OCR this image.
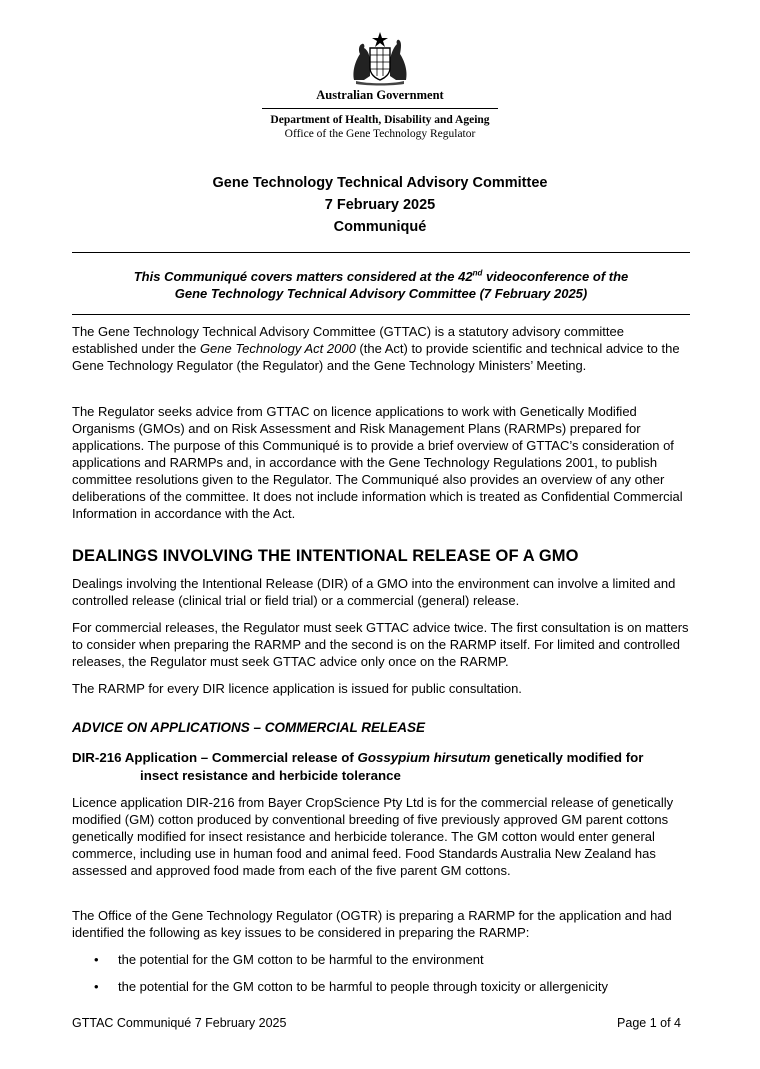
Australian Government
Department of Health, Disability and Ageing
Office of the Gene Technology Regulator
Gene Technology Technical Advisory Committee
7 February 2025
Communiqué
This Communiqué covers matters considered at the 42nd videoconference of the
Gene Technology Technical Advisory Committee (7 February 2025)

The Gene Technology Technical Advisory Committee (GTTAC) is a statutory advisory committee established under the Gene Technology Act 2000 (the Act) to provide scientific and technical advice to the Gene Technology Regulator (the Regulator) and the Gene Technology Ministers’ Meeting.

The Regulator seeks advice from GTTAC on licence applications to work with Genetically Modified Organisms (GMOs) and on Risk Assessment and Risk Management Plans (RARMPs) prepared for applications. The purpose of this Communiqué is to provide a brief overview of GTTAC’s consideration of applications and RARMPs and, in accordance with the Gene Technology Regulations 2001, to publish committee resolutions given to the Regulator. The Communiqué also provides an overview of any other deliberations of the committee. It does not include information which is treated as Confidential Commercial Information in accordance with the Act.

DEALINGS INVOLVING THE INTENTIONAL RELEASE OF A GMO

Dealings involving the Intentional Release (DIR) of a GMO into the environment can involve a limited and controlled release (clinical trial or field trial) or a commercial (general) release.

For commercial releases, the Regulator must seek GTTAC advice twice. The first consultation is on matters to consider when preparing the RARMP and the second is on the RARMP itself. For limited and controlled releases, the Regulator must seek GTTAC advice only once on the RARMP.

The RARMP for every DIR licence application is issued for public consultation.

ADVICE ON APPLICATIONS – COMMERCIAL RELEASE
DIR-216 Application – Commercial release of Gossypium hirsutum genetically modified for
insect resistance and herbicide tolerance

Licence application DIR-216 from Bayer CropScience Pty Ltd is for the commercial release of genetically modified (GM) cotton produced by conventional breeding of five previously approved GM parent cottons genetically modified for insect resistance and herbicide tolerance. The GM cotton would enter general commerce, including use in human food and animal feed. Food Standards Australia New Zealand has assessed and approved food made from each of the five parent GM cottons.

The Office of the Gene Technology Regulator (OGTR) is preparing a RARMP for the application and had identified the following as key issues to be considered in preparing the RARMP:

• the potential for the GM cotton to be harmful to the environment
• the potential for the GM cotton to be harmful to people through toxicity or allergenicity
GTTAC Communiqué 7 February 2025	Page 1 of 4
